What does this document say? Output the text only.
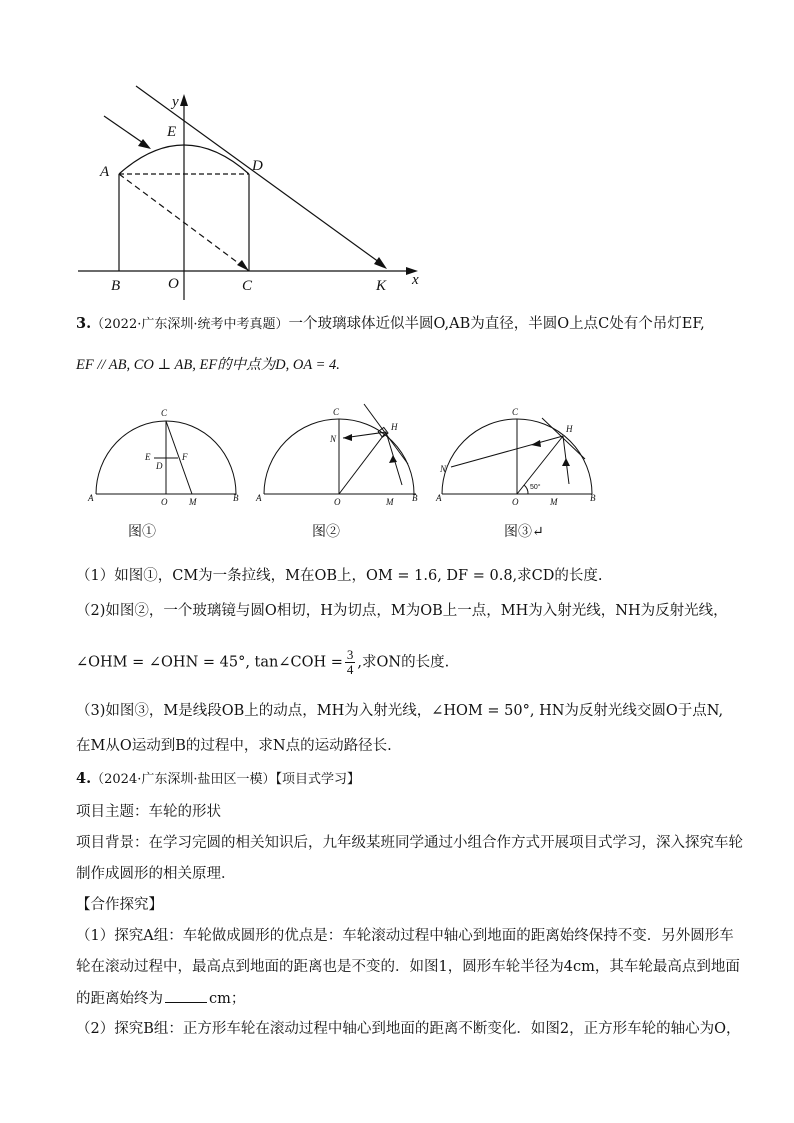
y
E
D
A
B	O	C	K x
3.（2022·广东深圳·统考中考真题）一个玻璃球体近似半圆O,AB为直径，半圆O上点C处有个吊灯EF,
EF // AB, CO ⊥ AB, EF的中点为D, OA = 4.
C
E	F
D
A	O M	B
C
H
N
A	O	M B
C
H
N
A	O	M	B
50°
图①	图②	图③↵
（1）如图①，CM为一条拉线，M在OB上，OM = 1.6, DF = 0.8,求CD的长度.
（2)如图②，一个玻璃镜与圆O相切，H为切点，M为OB上一点，MH为入射光线，NH为反射光线，
∠OHM = ∠OHN = 45°, tan∠COH = $\frac{3}{4}$ ,求ON的长度.
（3)如图③，M是线段OB上的动点，MH为入射光线，∠HOM = 50°, HN为反射光线交圆O于点N,
在M从O运动到B的过程中，求N点的运动路径长.
4.（2024·广东深圳·盐田区一模）【项目式学习】
项目主题：车轮的形状
项目背景：在学习完圆的相关知识后，九年级某班同学通过小组合作方式开展项目式学习，深入探究车轮
制作成圆形的相关原理．
【合作探究】
（1）探究A组：车轮做成圆形的优点是：车轮滚动过程中轴心到地面的距离始终保持不变．另外圆形车
轮在滚动过程中，最高点到地面的距离也是不变的．如图1，圆形车轮半径为4cm，其车轮最高点到地面
的距离始终为	cm；
（2）探究B组：正方形车轮在滚动过程中轴心到地面的距离不断变化．如图2，正方形车轮的轴心为O，
